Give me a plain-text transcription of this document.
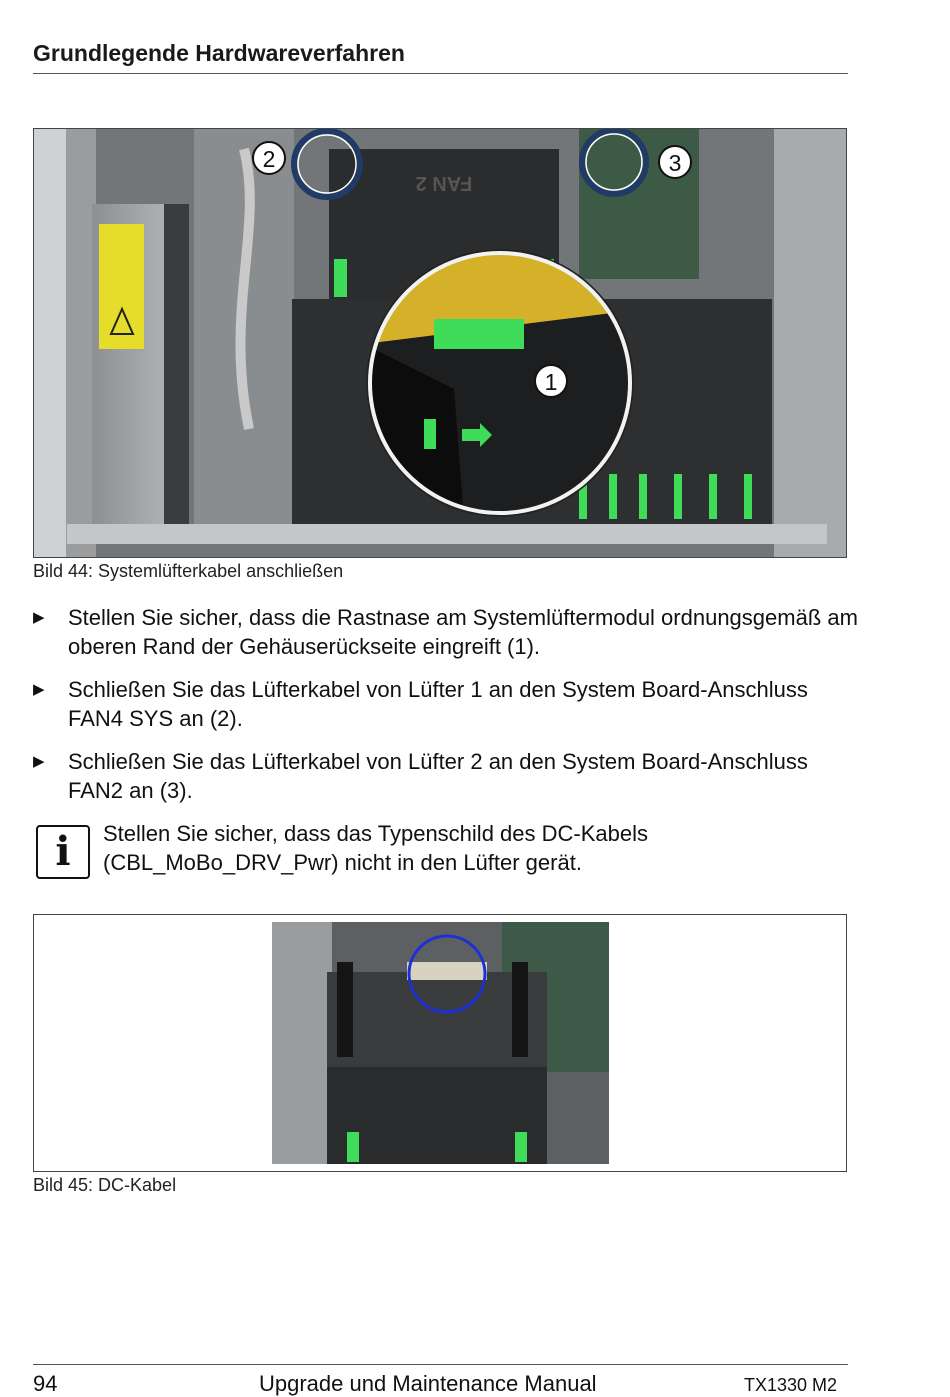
Grundlegende Hardwareverfahren
1
2	3
FAN 2
Bild 44: Systemlüfterkabel anschließen
▶ Stellen Sie sicher, dass die Rastnase am Systemlüftermodul ordnungsgemäß am oberen Rand der Gehäuserückseite eingreift (1).
▶ Schließen Sie das Lüfterkabel von Lüfter 1 an den System Board-Anschluss FAN4 SYS an (2).
▶ Schließen Sie das Lüfterkabel von Lüfter 2 an den System Board-Anschluss FAN2 an (3).
i	Stellen Sie sicher, dass das Typenschild des DC-Kabels (CBL_MoBo_DRV_Pwr) nicht in den Lüfter gerät.
Bild 45: DC-Kabel
94	Upgrade und Maintenance Manual	TX1330 M2
